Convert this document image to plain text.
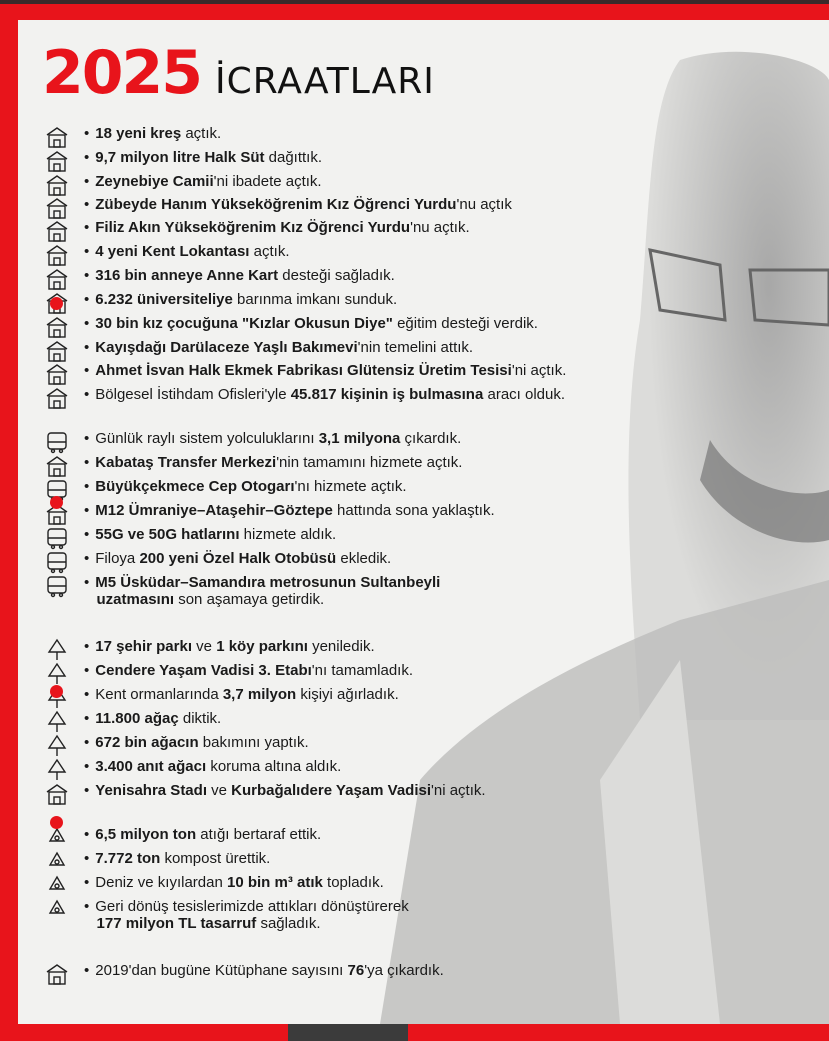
2025 İCRAATLARI
• 18 yeni kreş açtık.
• 9,7 milyon litre Halk Süt dağıttık.
• Zeynebiye Camii'ni ibadete açtık.
• Zübeyde Hanım Yükseköğrenim Kız Öğrenci Yurdu'nu açtık
• Filiz Akın Yükseköğrenim Kız Öğrenci Yurdu'nu açtık.
• 4 yeni Kent Lokantası açtık.
• 316 bin anneye Anne Kart desteği sağladık.
• 6.232 üniversiteliye barınma imkanı sunduk.
• 30 bin kız çocuğuna "Kızlar Okusun Diye" eğitim desteği verdik.
• Kayışdağı Darülaceze Yaşlı Bakımevi'nin temelini attık.
• Ahmet İsvan Halk Ekmek Fabrikası Glütensiz Üretim Tesisi'ni açtık.
• Bölgesel İstihdam Ofisleri'yle 45.817 kişinin iş bulmasına aracı olduk.
• Günlük raylı sistem yolculuklarını 3,1 milyona çıkardık.
• Kabataş Transfer Merkezi'nin tamamını hizmete açtık.
• Büyükçekmece Cep Otogarı'nı hizmete açtık.
• M12 Ümraniye–Ataşehir–Göztepe hattında sona yaklaştık.
• 55G ve 50G hatlarını hizmete aldık.
• Filoya 200 yeni Özel Halk Otobüsü ekledik.
• M5 Üsküdar–Samandıra metrosunun Sultanbeyli
uzatmasını son aşamaya getirdik.
• 17 şehir parkı ve 1 köy parkını yeniledik.
• Cendere Yaşam Vadisi 3. Etabı'nı tamamladık.
• Kent ormanlarında 3,7 milyon kişiyi ağırladık.
• 11.800 ağaç diktik.
• 672 bin ağacın bakımını yaptık.
• 3.400 anıt ağacı koruma altına aldık.
• Yenisahra Stadı ve Kurbağalıdere Yaşam Vadisi'ni açtık.
• 6,5 milyon ton atığı bertaraf ettik.
• 7.772 ton kompost ürettik.
• Deniz ve kıyılardan 10 bin m³ atık topladık.
• Geri dönüş tesislerimizde attıkları dönüştürerek
177 milyon TL tasarruf sağladık.
• 2019'dan bugüne Kütüphane sayısını 76'ya çıkardık.
